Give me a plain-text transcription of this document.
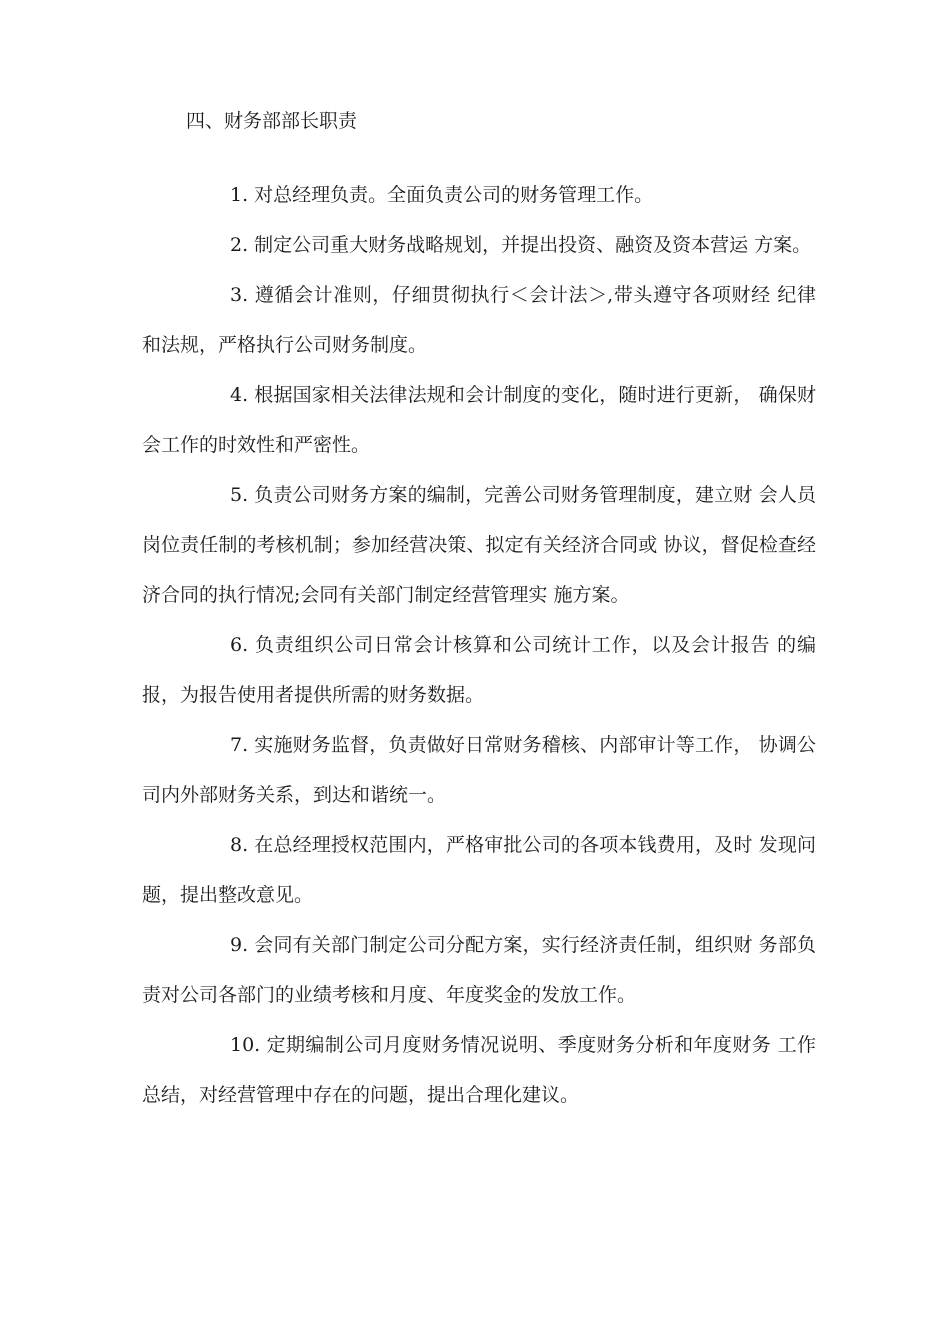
四、财务部部长职责

1. 对总经理负责。全面负责公司的财务管理工作。

2. 制定公司重大财务战略规划，并提出投资、融资及资本营运 方案。

3. 遵循会计准则，仔细贯彻执行＜会计法＞,带头遵守各项财经 纪律和法规，严格执行公司财务制度。

4. 根据国家相关法律法规和会计制度的变化，随时进行更新， 确保财会工作的时效性和严密性。

5. 负责公司财务方案的编制，完善公司财务管理制度，建立财 会人员岗位责任制的考核机制；参加经营决策、拟定有关经济合同或 协议，督促检查经济合同的执行情况;会同有关部门制定经营管理实 施方案。

6. 负责组织公司日常会计核算和公司统计工作，以及会计报告 的编报，为报告使用者提供所需的财务数据。

7. 实施财务监督，负责做好日常财务稽核、内部审计等工作， 协调公司内外部财务关系，到达和谐统一。

8. 在总经理授权范围内，严格审批公司的各项本钱费用，及时 发现问题，提出整改意见。

9. 会同有关部门制定公司分配方案，实行经济责任制，组织财 务部负责对公司各部门的业绩考核和月度、年度奖金的发放工作。

10. 定期编制公司月度财务情况说明、季度财务分析和年度财务 工作总结，对经营管理中存在的问题，提出合理化建议。
